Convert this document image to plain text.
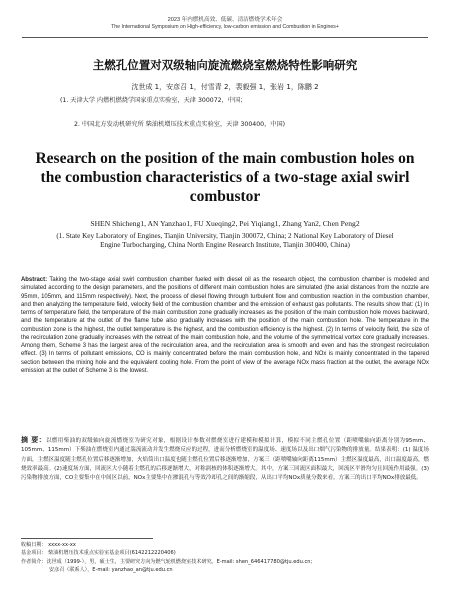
2023 年内燃机高效、低碳、清洁燃烧学术年会
The International Symposium on High-efficiency, low-carbon emission and Combustion in Engines+
主燃孔位置对双级轴向旋流燃烧室燃烧特性影响研究
沈世成 1，安彦召 1，付雪青 2，裴毅强 1，张岩 1，陈鹏 2
(1. 天津大学 内燃机燃烧学国家重点实验室，天津 300072，中国；
2. 中国北方发动机研究所 柴油机增压技术重点实验室，天津 300400，中国)
Research on the position of the main combustion holes on the combustion characteristics of a two-stage axial swirl combustor
SHEN Shicheng1, AN Yanzhao1, FU Xueqing2, Pei Yiqiang1, Zhang Yan2, Chen Peng2
(1. State Key Laboratory of Engines, Tianjin University, Tianjin 300072, China; 2 National Key Laboratory of Diesel Engine Turbocharging, China North Engine Research Institute, Tianjin 300400, China)
Abstract: Taking the two-stage axial swirl combustion chamber fueled with diesel oil as the research object, the combustion chamber is modeled and simulated according to the design parameters, and the positions of different main combustion holes are simulated (the axial distances from the nozzle are 95mm, 105mm, and 115mm respectively). Next, the process of diesel flowing through turbulent flow and combustion reaction in the combustion chamber, and then analyzing the temperature field, velocity field of the combustion chamber and the emission of exhaust gas pollutants. The results show that: (1) In terms of temperature field, the temperature of the main combustion zone gradually increases as the position of the main combustion hole moves backward, and the temperature at the outlet of the flame tube also gradually increases with the position of the main combustion hole. The temperature in the combustion zone is the highest, the outlet temperature is the highest, and the combustion efficiency is the highest. (2) In terms of velocity field, the size of the recirculation zone gradually increases with the retreat of the main combustion hole, and the volume of the symmetrical vortex core gradually increases. Among them, Scheme 3 has the largest area of the recirculation area, and the recirculation area is smooth and even and has the strongest recirculation effect. (3) In terms of pollutant emissions, CO is mainly concentrated before the main combustion hole, and NOx is mainly concentrated in the tapered section between the mixing hole and the equivalent cooling hole. From the point of view of the average NOx mass fraction at the outlet, the average NOx emission at the outlet of Scheme 3 is the lowest.
摘 要：以燃用柴油的双级轴向旋流燃烧室为研究对象，根据设计参数对燃烧室进行建模和模拟计算，模拟不同主燃孔位置（距喷嘴轴向距离分别为95mm、105mm、115mm）下柴油在燃烧室内通过湍流流动并发生燃烧反应的过程，进而分析燃烧室的温度场、速度场以及出口烟气污染物的排放量。结果表明：(1) 温度场方面，主燃区温度随主燃孔位置后移逐渐增加，火焰筒出口温度也随主燃孔位置后移逐渐增加，方案三（距喷嘴轴向距离115mm）主燃区温度最高，出口温度最高，燃烧效率最高。(2)速度场方面，回流区大小随着主燃孔的后移逐渐增大，对称涡核的体积逐渐增大。其中，方案三回流区面积最大，回流区平滑均匀且回流作用最强。(3)污染物排放方面，CO主要集中在中间区以前，NOx主要集中在掺混孔与等效冷却孔之间的渐缩段，从出口平均NOx质量分数来看，方案三的出口平均NOx排放最低。
收稿日期： xxxx-xx-xx
基金项目： 柴油机增压技术重点实验室基金项目(6142212220406)
作者简介：沈世成（1999-），男，硕士生，主要研究方向为燃气轮机燃烧室技术研究。E-mail: shen_646417780@tju.edu.cn;
安彦召（联系人），E-mail: yanzhao_an@tju.edu.cn
